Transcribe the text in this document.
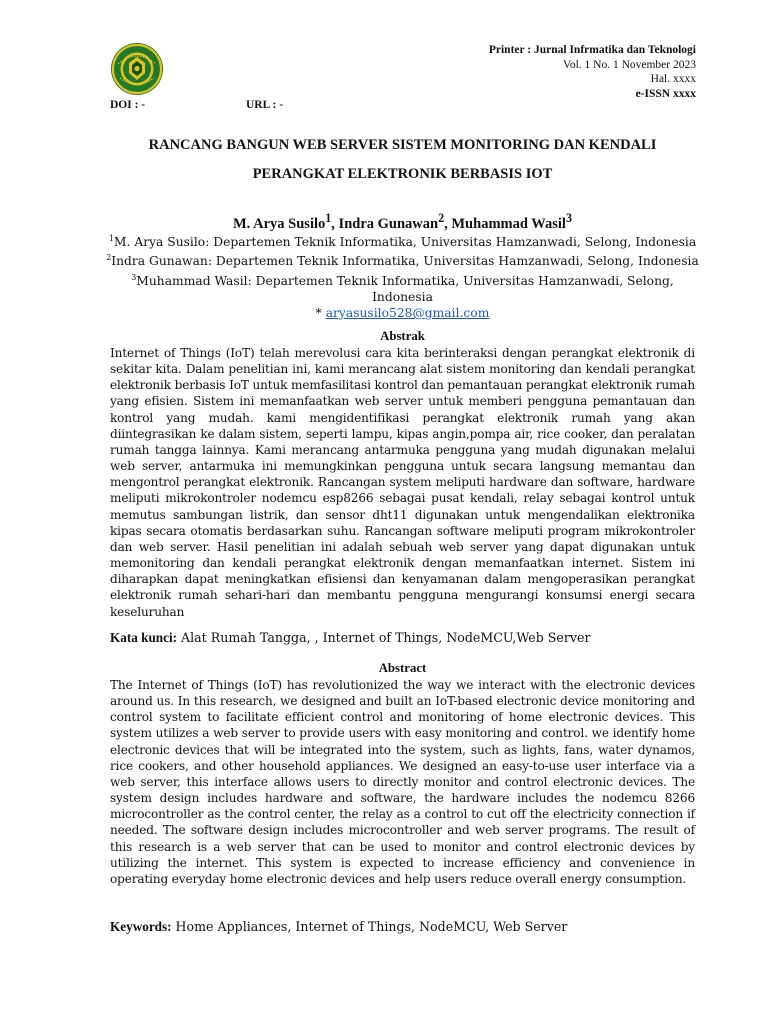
Printer : Jurnal Infrmatika dan Teknologi
Vol. 1 No. 1 November 2023
Hal. xxxx
e-ISSN xxxx
DOI : -	URL : -
RANCANG BANGUN WEB SERVER SISTEM MONITORING DAN KENDALI
PERANGKAT ELEKTRONIK BERBASIS IOT
M. Arya Susilo$^1$, Indra Gunawan$^2$, Muhammad Wasil$^3$
$^1$M. Arya Susilo: Departemen Teknik Informatika, Universitas Hamzanwadi, Selong, Indonesia
$^2$Indra Gunawan: Departemen Teknik Informatika, Universitas Hamzanwadi, Selong, Indonesia
$^3$Muhammad Wasil: Departemen Teknik Informatika, Universitas Hamzanwadi, Selong, Indonesia
* aryasusilo528@gmail.com
Abstrak
Internet of Things (IoT) telah merevolusi cara kita berinteraksi dengan perangkat elektronik di sekitar kita. Dalam penelitian ini, kami merancang alat sistem monitoring dan kendali perangkat elektronik berbasis IoT untuk memfasilitasi kontrol dan pemantauan perangkat elektronik rumah yang efisien. Sistem ini memanfaatkan web server untuk memberi pengguna pemantauan dan kontrol yang mudah. kami mengidentifikasi perangkat elektronik rumah yang akan diintegrasikan ke dalam sistem, seperti lampu, kipas angin,pompa air, rice cooker, dan peralatan rumah tangga lainnya. Kami merancang antarmuka pengguna yang mudah digunakan melalui web server, antarmuka ini memungkinkan pengguna untuk secara langsung memantau dan mengontrol perangkat elektronik. Rancangan system meliputi hardware dan software, hardware meliputi mikrokontroler nodemcu esp8266 sebagai pusat kendali, relay sebagai kontrol untuk memutus sambungan listrik, dan sensor dht11 digunakan untuk mengendalikan elektronika kipas secara otomatis berdasarkan suhu. Rancangan software meliputi program mikrokontroler dan web server. Hasil penelitian ini adalah sebuah web server yang dapat digunakan untuk memonitoring dan kendali perangkat elektronik dengan memanfaatkan internet. Sistem ini diharapkan dapat meningkatkan efisiensi dan kenyamanan dalam mengoperasikan perangkat elektronik rumah sehari-hari dan membantu pengguna mengurangi konsumsi energi secara keseluruhan
Kata kunci: Alat Rumah Tangga, , Internet of Things, NodeMCU,Web Server
Abstract
The Internet of Things (IoT) has revolutionized the way we interact with the electronic devices around us. In this research, we designed and built an IoT-based electronic device monitoring and control system to facilitate efficient control and monitoring of home electronic devices. This system utilizes a web server to provide users with easy monitoring and control. we identify home electronic devices that will be integrated into the system, such as lights, fans, water dynamos, rice cookers, and other household appliances. We designed an easy-to-use user interface via a web server, this interface allows users to directly monitor and control electronic devices. The system design includes hardware and software, the hardware includes the nodemcu 8266 microcontroller as the control center, the relay as a control to cut off the electricity connection if needed. The software design includes microcontroller and web server programs. The result of this research is a web server that can be used to monitor and control electronic devices by utilizing the internet. This system is expected to increase efficiency and convenience in operating everyday home electronic devices and help users reduce overall energy consumption.
Keywords: Home Appliances, Internet of Things, NodeMCU, Web Server
